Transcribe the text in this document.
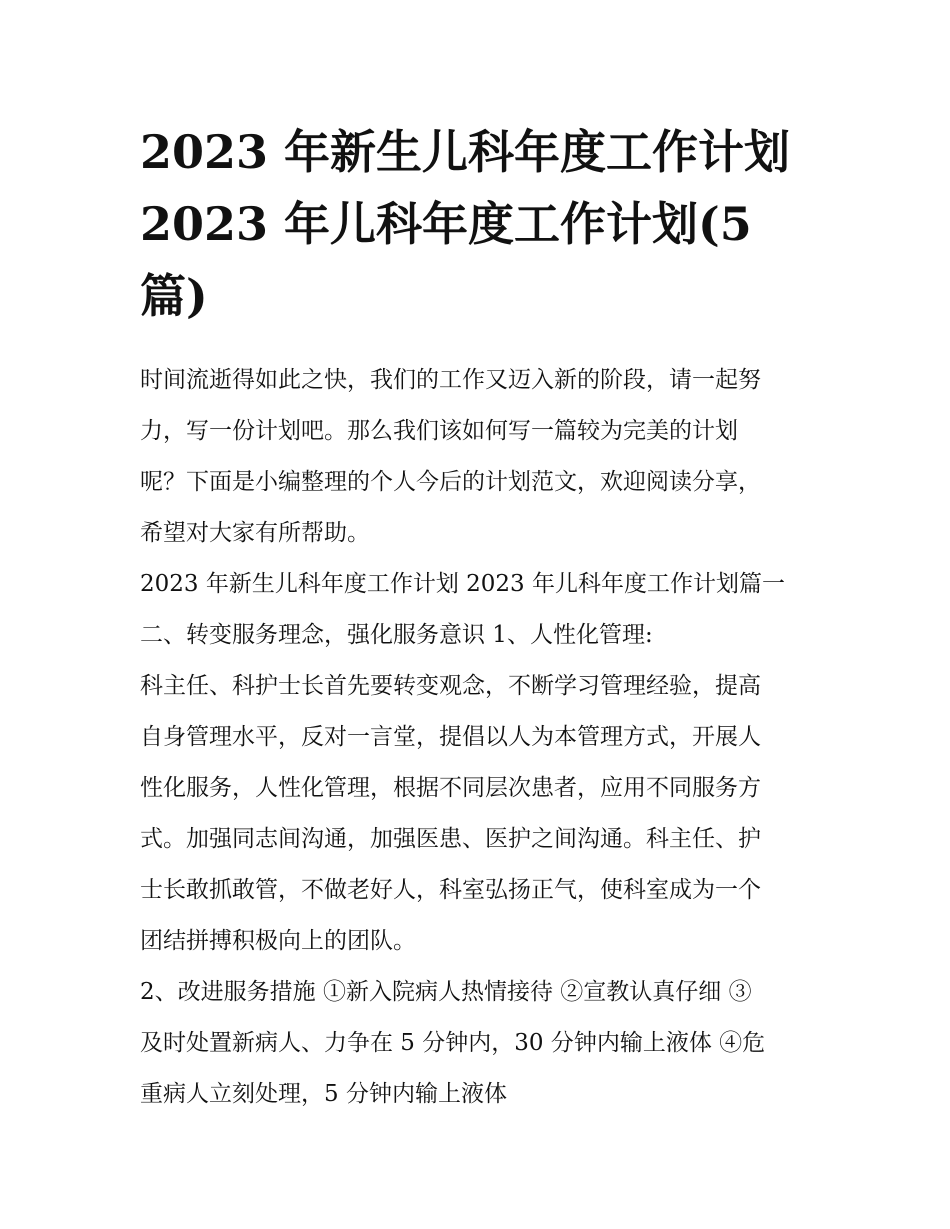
2023 年新生儿科年度工作计划
2023 年儿科年度工作计划(5
篇)

时间流逝得如此之快，我们的工作又迈入新的阶段，请一起努
力，写一份计划吧。那么我们该如何写一篇较为完美的计划
呢？下面是小编整理的个人今后的计划范文，欢迎阅读分享，
希望对大家有所帮助。

2023 年新生儿科年度工作计划 2023 年儿科年度工作计划篇一

二、转变服务理念，强化服务意识 1、人性化管理:

科主任、科护士长首先要转变观念，不断学习管理经验，提高
自身管理水平，反对一言堂，提倡以人为本管理方式，开展人
性化服务，人性化管理，根据不同层次患者，应用不同服务方
式。加强同志间沟通，加强医患、医护之间沟通。科主任、护
士长敢抓敢管，不做老好人，科室弘扬正气，使科室成为一个
团结拼搏积极向上的团队。

2、改进服务措施 ①新入院病人热情接待 ②宣教认真仔细 ③
及时处置新病人、力争在 5 分钟内，30 分钟内输上液体 ④危
重病人立刻处理，5 分钟内输上液体
